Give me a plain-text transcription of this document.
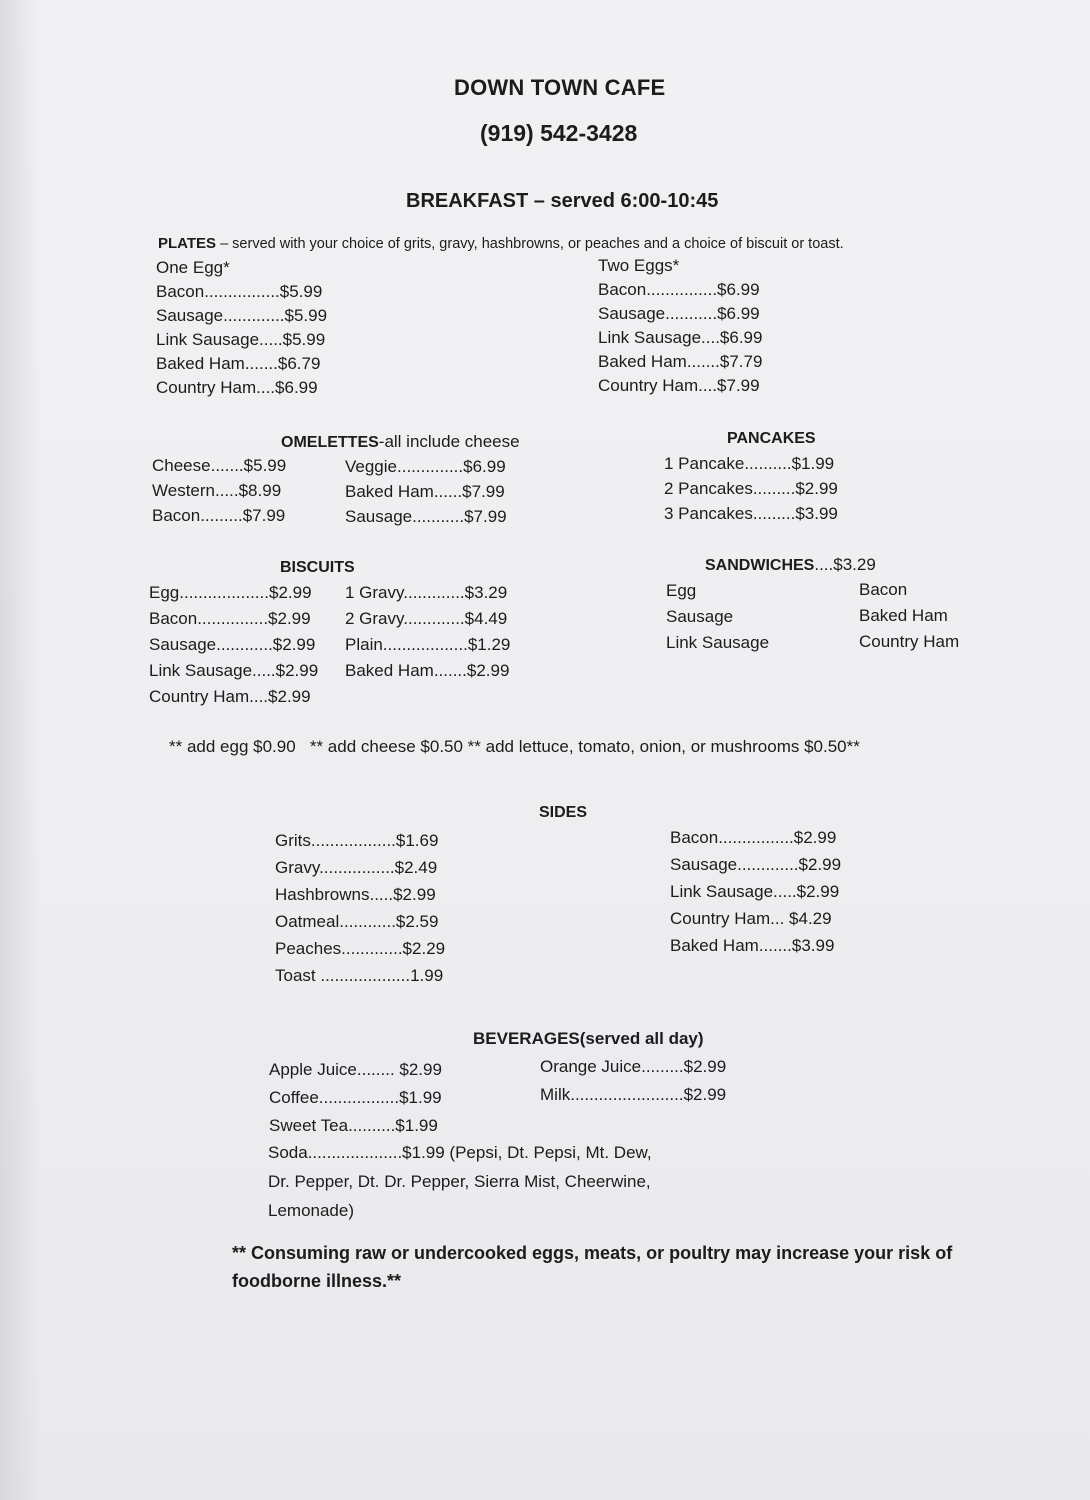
DOWN TOWN CAFE
(919) 542-3428
BREAKFAST – served 6:00-10:45
PLATES – served with your choice of grits, gravy, hashbrowns, or peaches and a choice of biscuit or toast.
One Egg*
Bacon................$5.99
Sausage.............$5.99
Link Sausage.....$5.99
Baked Ham.......$6.79
Country Ham....$6.99
Two Eggs*
Bacon...............$6.99
Sausage...........$6.99
Link Sausage....$6.99
Baked Ham.......$7.79
Country Ham....$7.99
OMELETTES-all include cheese
Cheese.......$5.99
Western.....$8.99
Bacon.........$7.99
Veggie..............$6.99
Baked Ham......$7.99
Sausage...........$7.99
PANCAKES
1 Pancake..........$1.99
2 Pancakes.........$2.99
3 Pancakes.........$3.99
BISCUITS
Egg...................$2.99
Bacon...............$2.99
Sausage............$2.99
Link Sausage.....$2.99
Country Ham....$2.99
1 Gravy.............$3.29
2 Gravy.............$4.49
Plain..................$1.29
Baked Ham.......$2.99
SANDWICHES....$3.29
Egg
Sausage
Link Sausage
Bacon
Baked Ham
Country Ham
** add egg $0.90   ** add cheese $0.50 ** add lettuce, tomato, onion, or mushrooms $0.50**
SIDES
Grits..................$1.69
Gravy................$2.49
Hashbrowns.....$2.99
Oatmeal............$2.59
Peaches.............$2.29
Toast ...................1.99
Bacon................$2.99
Sausage.............$2.99
Link Sausage.....$2.99
Country Ham... $4.29
Baked Ham.......$3.99
BEVERAGES(served all day)
Apple Juice........ $2.99
Coffee.................$1.99
Sweet Tea..........$1.99
Orange Juice.........$2.99
Milk........................$2.99
Soda....................$1.99 (Pepsi, Dt. Pepsi, Mt. Dew,
Dr. Pepper, Dt. Dr. Pepper, Sierra Mist, Cheerwine,
Lemonade)
** Consuming raw or undercooked eggs, meats, or poultry may increase your risk of foodborne illness.**
